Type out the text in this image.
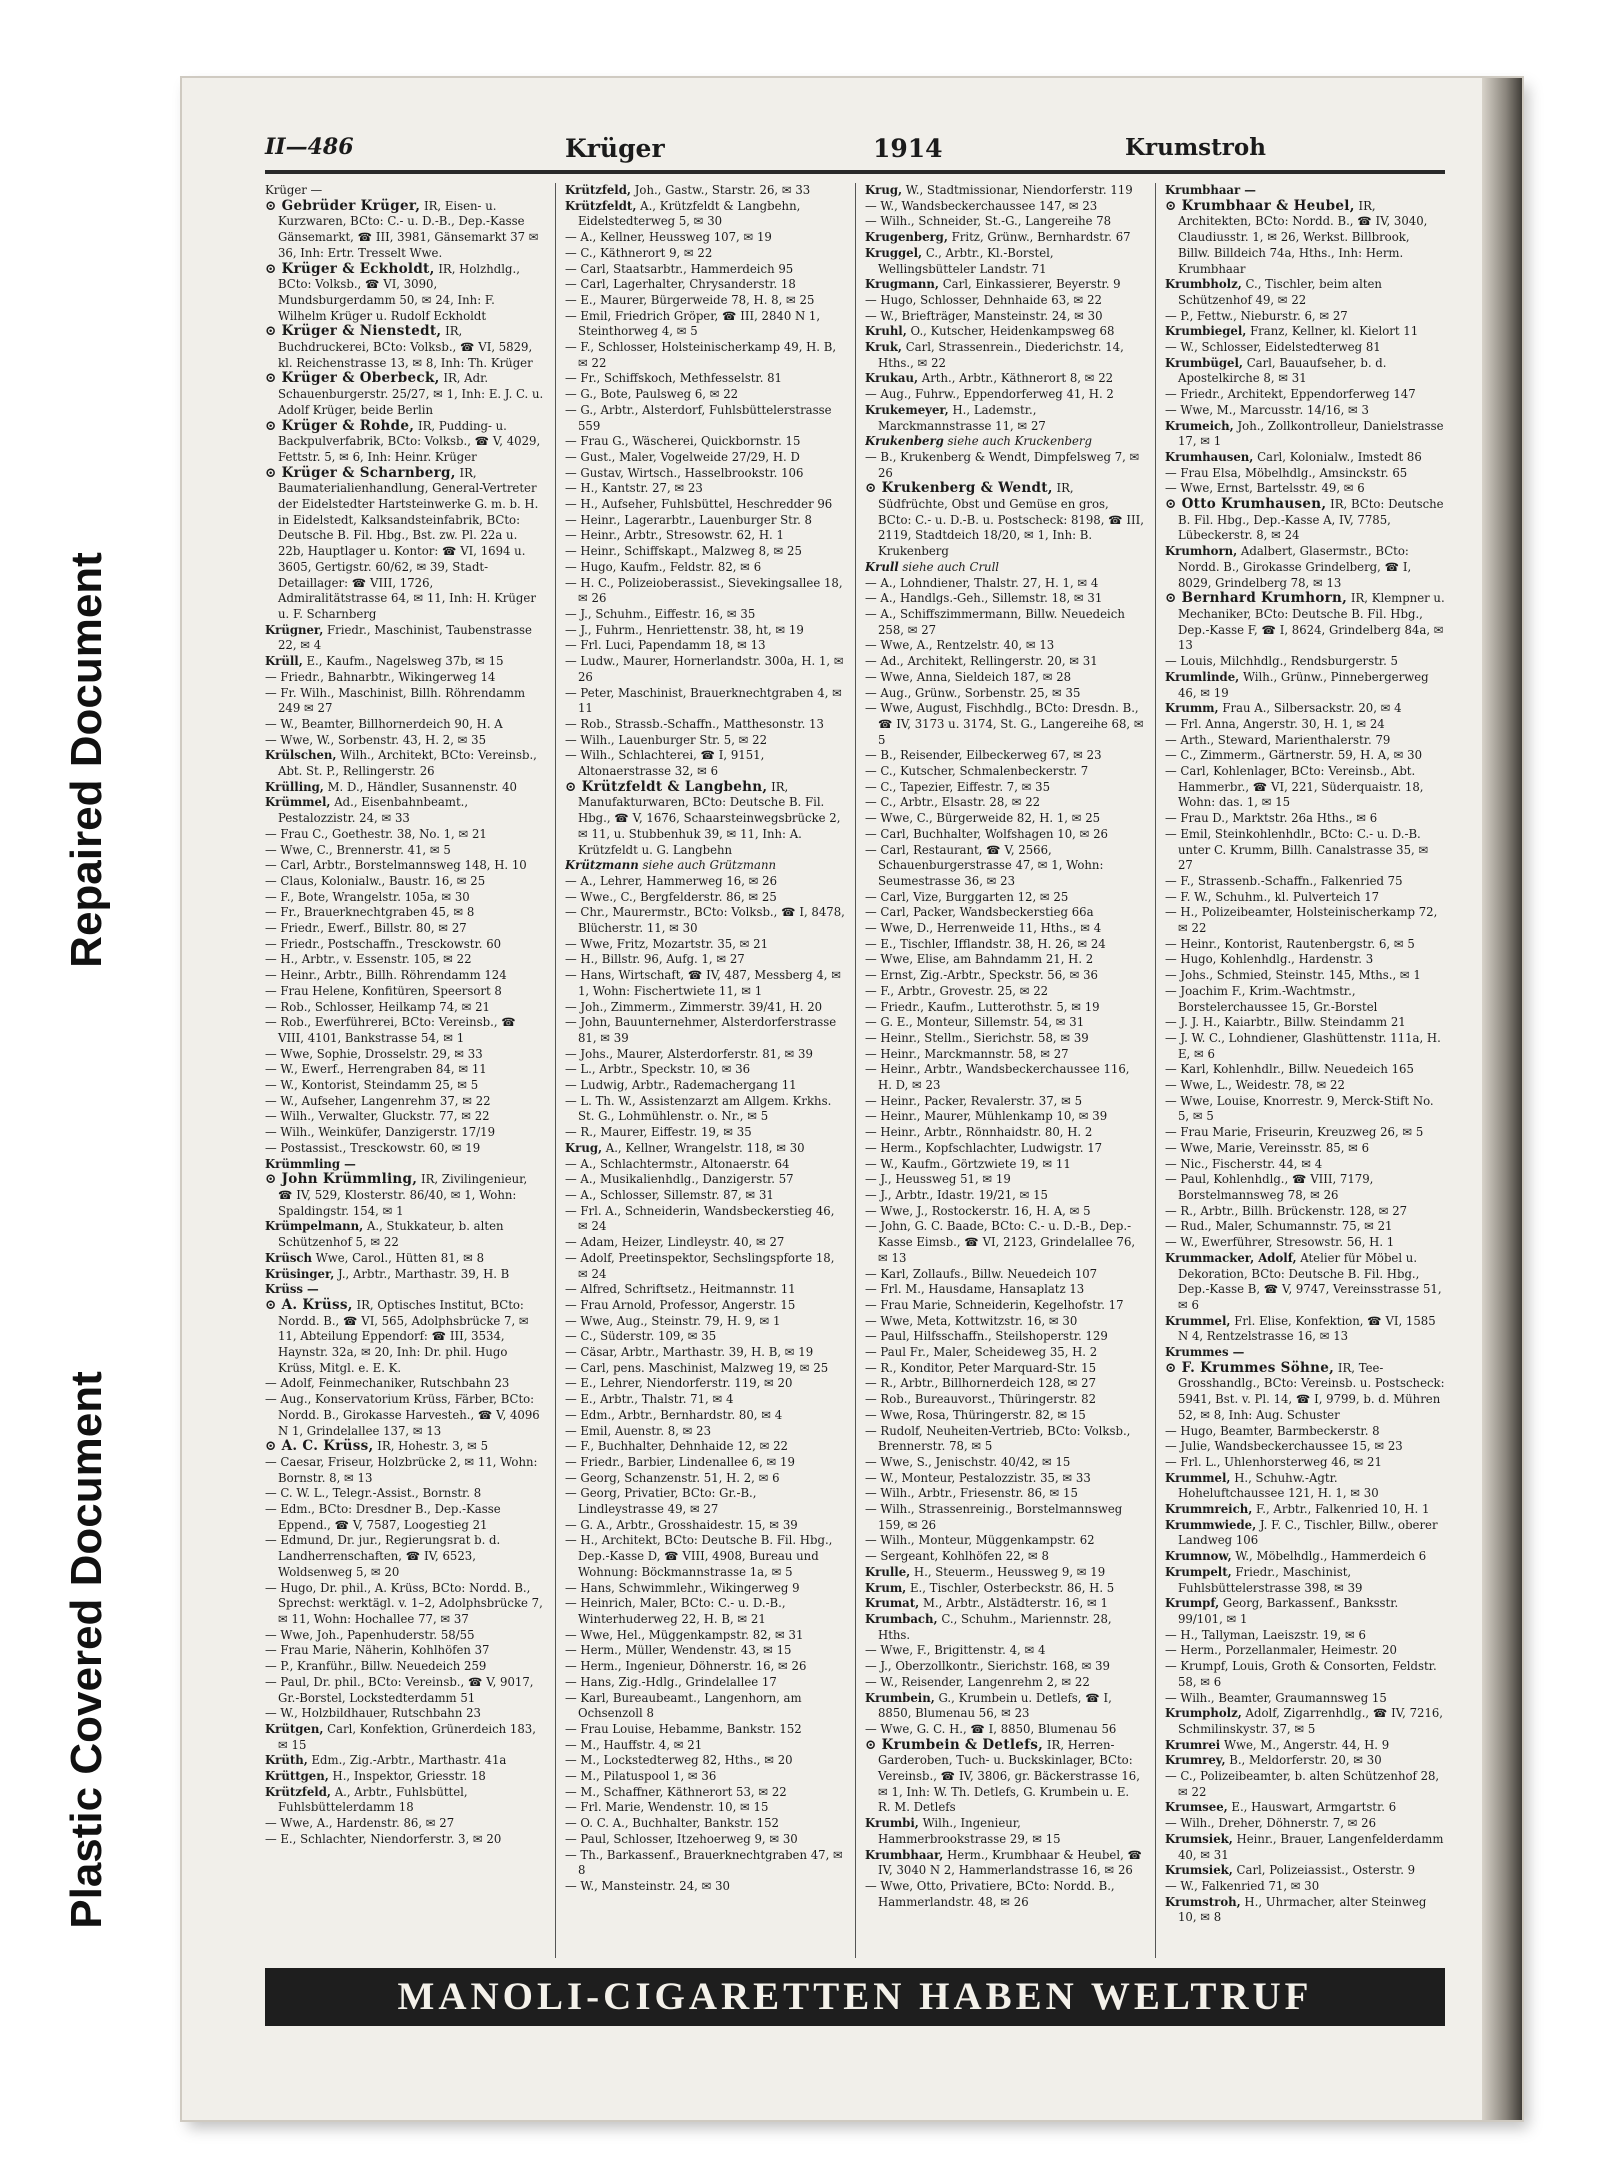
Repaired Document
Plastic Covered Document
II—486	Krüger	1914	Krumstroh

Krüger —

⊙ Gebrüder Krüger, IR, Eisen- u. Kurzwaren, BCto: C.- u. D.-B., Dep.-Kasse Gänsemarkt, ☎ III, 3981, Gänsemarkt 37 ✉ 36, Inh: Ertr. Tresselt Wwe.

⊙ Krüger & Eckholdt, IR, Holzhdlg., BCto: Volksb., ☎ VI, 3090, Mundsburgerdamm 50, ✉ 24, Inh: F. Wilhelm Krüger u. Rudolf Eckholdt

⊙ Krüger & Nienstedt, IR, Buchdruckerei, BCto: Volksb., ☎ VI, 5829, kl. Reichenstrasse 13, ✉ 8, Inh: Th. Krüger

⊙ Krüger & Oberbeck, IR, Adr. Schauenburgerstr. 25/27, ✉ 1, Inh: E. J. C. u. Adolf Krüger, beide Berlin

⊙ Krüger & Rohde, IR, Pudding- u. Backpulverfabrik, BCto: Volksb., ☎ V, 4029, Fettstr. 5, ✉ 6, Inh: Heinr. Krüger

⊙ Krüger & Scharnberg, IR, Baumaterialienhandlung, General-Vertreter der Eidelstedter Hartsteinwerke G. m. b. H. in Eidelstedt, Kalksandsteinfabrik, BCto: Deutsche B. Fil. Hbg., Bst. zw. Pl. 22a u. 22b, Hauptlager u. Kontor: ☎ VI, 1694 u. 3605, Gertigstr. 60/62, ✉ 39, Stadt-Detaillager: ☎ VIII, 1726, Admiralitätstrasse 64, ✉ 11, Inh: H. Krüger u. F. Scharnberg

Krügner, Friedr., Maschinist, Taubenstrasse 22, ✉ 4

Krüll, E., Kaufm., Nagelsweg 37b, ✉ 15

— Friedr., Bahnarbtr., Wikingerweg 14

— Fr. Wilh., Maschinist, Billh. Röhrendamm 249 ✉ 27

— W., Beamter, Billhornerdeich 90, H. A

— Wwe, W., Sorbenstr. 43, H. 2, ✉ 35

Krülschen, Wilh., Architekt, BCto: Vereinsb., Abt. St. P., Rellingerstr. 26

Krülling, M. D., Händler, Susannenstr. 40

Krümmel, Ad., Eisenbahnbeamt., Pestalozzistr. 24, ✉ 33

— Frau C., Goethestr. 38, No. 1, ✉ 21

— Wwe, C., Brennerstr. 41, ✉ 5

— Carl, Arbtr., Borstelmannsweg 148, H. 10

— Claus, Kolonialw., Baustr. 16, ✉ 25

— F., Bote, Wrangelstr. 105a, ✉ 30

— Fr., Brauerknechtgraben 45, ✉ 8

— Friedr., Ewerf., Billstr. 80, ✉ 27

— Friedr., Postschaffn., Tresckowstr. 60

— H., Arbtr., v. Essenstr. 105, ✉ 22

— Heinr., Arbtr., Billh. Röhrendamm 124

— Frau Helene, Konfitüren, Speersort 8

— Rob., Schlosser, Heilkamp 74, ✉ 21

— Rob., Ewerführerei, BCto: Vereinsb., ☎ VIII, 4101, Bankstrasse 54, ✉ 1

— Wwe, Sophie, Drosselstr. 29, ✉ 33

— W., Ewerf., Herrengraben 84, ✉ 11

— W., Kontorist, Steindamm 25, ✉ 5

— W., Aufseher, Langenrehm 37, ✉ 22

— Wilh., Verwalter, Gluckstr. 77, ✉ 22

— Wilh., Weinküfer, Danzigerstr. 17/19

— Postassist., Tresckowstr. 60, ✉ 19

Krümmling —

⊙ John Krümmling, IR, Zivilingenieur, ☎ IV, 529, Klosterstr. 86/40, ✉ 1, Wohn: Spaldingstr. 154, ✉ 1

Krümpelmann, A., Stukkateur, b. alten Schützenhof 5, ✉ 22

Krüsch Wwe, Carol., Hütten 81, ✉ 8

Krüsinger, J., Arbtr., Marthastr. 39, H. B

Krüss —

⊙ A. Krüss, IR, Optisches Institut, BCto: Nordd. B., ☎ VI, 565, Adolphsbrücke 7, ✉ 11, Abteilung Eppendorf: ☎ III, 3534, Haynstr. 32a, ✉ 20, Inh: Dr. phil. Hugo Krüss, Mitgl. e. E. K.

— Adolf, Feinmechaniker, Rutschbahn 23

— Aug., Konservatorium Krüss, Färber, BCto: Nordd. B., Girokasse Harvesteh., ☎ V, 4096 N 1, Grindelallee 137, ✉ 13

⊙ A. C. Krüss, IR, Hohestr. 3, ✉ 5

— Caesar, Friseur, Holzbrücke 2, ✉ 11, Wohn: Bornstr. 8, ✉ 13

— C. W. L., Telegr.-Assist., Bornstr. 8

— Edm., BCto: Dresdner B., Dep.-Kasse Eppend., ☎ V, 7587, Loogestieg 21

— Edmund, Dr. jur., Regierungsrat b. d. Landherrenschaften, ☎ IV, 6523, Woldsenweg 5, ✉ 20

— Hugo, Dr. phil., A. Krüss, BCto: Nordd. B., Sprechst: werktägl. v. 1–2, Adolphsbrücke 7, ✉ 11, Wohn: Hochallee 77, ✉ 37

— Wwe, Joh., Papenhuderstr. 58/55

— Frau Marie, Näherin, Kohlhöfen 37

— P., Kranführ., Billw. Neuedeich 259

— Paul, Dr. phil., BCto: Vereinsb., ☎ V, 9017, Gr.-Borstel, Lockstedterdamm 51

— W., Holzbildhauer, Rutschbahn 23

Krütgen, Carl, Konfektion, Grünerdeich 183, ✉ 15

Krüth, Edm., Zig.-Arbtr., Marthastr. 41a

Krüttgen, H., Inspektor, Griesstr. 18

Krützfeld, A., Arbtr., Fuhlsbüttel, Fuhlsbüttelerdamm 18

— Wwe, A., Hardenstr. 86, ✉ 27

— E., Schlachter, Niendorferstr. 3, ✉ 20

Krützfeld, Joh., Gastw., Starstr. 26, ✉ 33

Krützfeldt, A., Krützfeldt & Langbehn, Eidelstedterweg 5, ✉ 30

— A., Kellner, Heussweg 107, ✉ 19

— C., Käthnerort 9, ✉ 22

— Carl, Staatsarbtr., Hammerdeich 95

— Carl, Lagerhalter, Chrysanderstr. 18

— E., Maurer, Bürgerweide 78, H. 8, ✉ 25

— Emil, Friedrich Gröper, ☎ III, 2840 N 1, Steinthorweg 4, ✉ 5

— F., Schlosser, Holsteinischerkamp 49, H. B, ✉ 22

— Fr., Schiffskoch, Methfesselstr. 81

— G., Bote, Paulsweg 6, ✉ 22

— G., Arbtr., Alsterdorf, Fuhlsbüttelerstrasse 559

— Frau G., Wäscherei, Quickbornstr. 15

— Gust., Maler, Vogelweide 27/29, H. D

— Gustav, Wirtsch., Hasselbrookstr. 106

— H., Kantstr. 27, ✉ 23

— H., Aufseher, Fuhlsbüttel, Heschredder 96

— Heinr., Lagerarbtr., Lauenburger Str. 8

— Heinr., Arbtr., Stresowstr. 62, H. 1

— Heinr., Schiffskapt., Malzweg 8, ✉ 25

— Hugo, Kaufm., Feldstr. 82, ✉ 6

— H. C., Polizeioberassist., Sievekingsallee 18, ✉ 26

— J., Schuhm., Eiffestr. 16, ✉ 35

— J., Fuhrm., Henriettenstr. 38, ht, ✉ 19

— Frl. Luci, Papendamm 18, ✉ 13

— Ludw., Maurer, Hornerlandstr. 300a, H. 1, ✉ 26

— Peter, Maschinist, Brauerknechtgraben 4, ✉ 11

— Rob., Strassb.-Schaffn., Matthesonstr. 13

— Wilh., Lauenburger Str. 5, ✉ 22

— Wilh., Schlachterei, ☎ I, 9151, Altonaerstrasse 32, ✉ 6

⊙ Krützfeldt & Langbehn, IR, Manufakturwaren, BCto: Deutsche B. Fil. Hbg., ☎ V, 1676, Schaarsteinwegsbrücke 2, ✉ 11, u. Stubbenhuk 39, ✉ 11, Inh: A. Krützfeldt u. G. Langbehn

Krützmann siehe auch Grützmann

— A., Lehrer, Hammerweg 16, ✉ 26

— Wwe., C., Bergfelderstr. 86, ✉ 25

— Chr., Maurermstr., BCto: Volksb., ☎ I, 8478, Blücherstr. 11, ✉ 30

— Wwe, Fritz, Mozartstr. 35, ✉ 21

— H., Billstr. 96, Aufg. 1, ✉ 27

— Hans, Wirtschaft, ☎ IV, 487, Messberg 4, ✉ 1, Wohn: Fischertwiete 11, ✉ 1

— Joh., Zimmerm., Zimmerstr. 39/41, H. 20

— John, Bauunternehmer, Alsterdorferstrasse 81, ✉ 39

— Johs., Maurer, Alsterdorferstr. 81, ✉ 39

— L., Arbtr., Speckstr. 10, ✉ 36

— Ludwig, Arbtr., Rademachergang 11

— L. Th. W., Assistenzarzt am Allgem. Krkhs. St. G., Lohmühlenstr. o. Nr., ✉ 5

— R., Maurer, Eiffestr. 19, ✉ 35

Krug, A., Kellner, Wrangelstr. 118, ✉ 30

— A., Schlachtermstr., Altonaerstr. 64

— A., Musikalienhdlg., Danzigerstr. 57

— A., Schlosser, Sillemstr. 87, ✉ 31

— Frl. A., Schneiderin, Wandsbeckerstieg 46, ✉ 24

— Adam, Heizer, Lindleystr. 40, ✉ 27

— Adolf, Preetinspektor, Sechslingspforte 18, ✉ 24

— Alfred, Schriftsetz., Heitmannstr. 11

— Frau Arnold, Professor, Angerstr. 15

— Wwe, Aug., Steinstr. 79, H. 9, ✉ 1

— C., Süderstr. 109, ✉ 35

— Cäsar, Arbtr., Marthastr. 39, H. B, ✉ 19

— Carl, pens. Maschinist, Malzweg 19, ✉ 25

— E., Lehrer, Niendorferstr. 119, ✉ 20

— E., Arbtr., Thalstr. 71, ✉ 4

— Edm., Arbtr., Bernhardstr. 80, ✉ 4

— Emil, Auenstr. 8, ✉ 23

— F., Buchhalter, Dehnhaide 12, ✉ 22

— Friedr., Barbier, Lindenallee 6, ✉ 19

— Georg, Schanzenstr. 51, H. 2, ✉ 6

— Georg, Privatier, BCto: Gr.-B., Lindleystrasse 49, ✉ 27

— G. A., Arbtr., Grosshaidestr. 15, ✉ 39

— H., Architekt, BCto: Deutsche B. Fil. Hbg., Dep.-Kasse D, ☎ VIII, 4908, Bureau und Wohnung: Böckmannstrasse 1a, ✉ 5

— Hans, Schwimmlehr., Wikingerweg 9

— Heinrich, Maler, BCto: C.- u. D.-B., Winterhuderweg 22, H. B, ✉ 21

— Wwe, Hel., Müggenkampstr. 82, ✉ 31

— Herm., Müller, Wendenstr. 43, ✉ 15

— Herm., Ingenieur, Döhnerstr. 16, ✉ 26

— Hans, Zig.-Hdlg., Grindelallee 17

— Karl, Bureaubeamt., Langenhorn, am Ochsenzoll 8

— Frau Louise, Hebamme, Bankstr. 152

— M., Hauffstr. 4, ✉ 21

— M., Lockstedterweg 82, Hths., ✉ 20

— M., Pilatuspool 1, ✉ 36

— M., Schaffner, Käthnerort 53, ✉ 22

— Frl. Marie, Wendenstr. 10, ✉ 15

— O. C. A., Buchhalter, Bankstr. 152

— Paul, Schlosser, Itzehoerweg 9, ✉ 30

— Th., Barkassenf., Brauerknechtgraben 47, ✉ 8

— W., Mansteinstr. 24, ✉ 30

Krug, W., Stadtmissionar, Niendorferstr. 119

— W., Wandsbeckerchaussee 147, ✉ 23

— Wilh., Schneider, St.-G., Langereihe 78

Krugenberg, Fritz, Grünw., Bernhardstr. 67

Kruggel, C., Arbtr., Kl.-Borstel, Wellingsbütteler Landstr. 71

Krugmann, Carl, Einkassierer, Beyerstr. 9

— Hugo, Schlosser, Dehnhaide 63, ✉ 22

— W., Briefträger, Mansteinstr. 24, ✉ 30

Kruhl, O., Kutscher, Heidenkampsweg 68

Kruk, Carl, Strassenrein., Diederichstr. 14, Hths., ✉ 22

Krukau, Arth., Arbtr., Käthnerort 8, ✉ 22

— Aug., Fuhrw., Eppendorferweg 41, H. 2

Krukemeyer, H., Lademstr., Marckmannstrasse 11, ✉ 27

Krukenberg siehe auch Kruckenberg

— B., Krukenberg & Wendt, Dimpfelsweg 7, ✉ 26

⊙ Krukenberg & Wendt, IR, Südfrüchte, Obst und Gemüse en gros, BCto: C.- u. D.-B. u. Postscheck: 8198, ☎ III, 2119, Stadtdeich 18/20, ✉ 1, Inh: B. Krukenberg

Krull siehe auch Crull

— A., Lohndiener, Thalstr. 27, H. 1, ✉ 4

— A., Handlgs.-Geh., Sillemstr. 18, ✉ 31

— A., Schiffszimmermann, Billw. Neuedeich 258, ✉ 27

— Wwe, A., Rentzelstr. 40, ✉ 13

— Ad., Architekt, Rellingerstr. 20, ✉ 31

— Wwe, Anna, Sieldeich 187, ✉ 28

— Aug., Grünw., Sorbenstr. 25, ✉ 35

— Wwe, August, Fischhdlg., BCto: Dresdn. B., ☎ IV, 3173 u. 3174, St. G., Langereihe 68, ✉ 5

— B., Reisender, Eilbeckerweg 67, ✉ 23

— C., Kutscher, Schmalenbeckerstr. 7

— C., Tapezier, Eiffestr. 7, ✉ 35

— C., Arbtr., Elsastr. 28, ✉ 22

— Wwe, C., Bürgerweide 82, H. 1, ✉ 25

— Carl, Buchhalter, Wolfshagen 10, ✉ 26

— Carl, Restaurant, ☎ V, 2566, Schauenburgerstrasse 47, ✉ 1, Wohn: Seumestrasse 36, ✉ 23

— Carl, Vize, Burggarten 12, ✉ 25

— Carl, Packer, Wandsbeckerstieg 66a

— Wwe, D., Herrenweide 11, Hths., ✉ 4

— E., Tischler, Ifflandstr. 38, H. 26, ✉ 24

— Wwe, Elise, am Bahndamm 21, H. 2

— Ernst, Zig.-Arbtr., Speckstr. 56, ✉ 36

— F., Arbtr., Grovestr. 25, ✉ 22

— Friedr., Kaufm., Lutterothstr. 5, ✉ 19

— G. E., Monteur, Sillemstr. 54, ✉ 31

— Heinr., Stellm., Sierichstr. 58, ✉ 39

— Heinr., Marckmannstr. 58, ✉ 27

— Heinr., Arbtr., Wandsbeckerchaussee 116, H. D, ✉ 23

— Heinr., Packer, Revalerstr. 37, ✉ 5

— Heinr., Maurer, Mühlenkamp 10, ✉ 39

— Heinr., Arbtr., Rönnhaidstr. 80, H. 2

— Herm., Kopfschlachter, Ludwigstr. 17

— W., Kaufm., Görtzwiete 19, ✉ 11

— J., Heussweg 51, ✉ 19

— J., Arbtr., Idastr. 19/21, ✉ 15

— Wwe, J., Rostockerstr. 16, H. A, ✉ 5

— John, G. C. Baade, BCto: C.- u. D.-B., Dep.-Kasse Eimsb., ☎ VI, 2123, Grindelallee 76, ✉ 13

— Karl, Zollaufs., Billw. Neuedeich 107

— Frl. M., Hausdame, Hansaplatz 13

— Frau Marie, Schneiderin, Kegelhofstr. 17

— Wwe, Meta, Kottwitzstr. 16, ✉ 30

— Paul, Hilfsschaffn., Steilshoperstr. 129

— Paul Fr., Maler, Scheideweg 35, H. 2

— R., Konditor, Peter Marquard-Str. 15

— R., Arbtr., Billhornerdeich 128, ✉ 27

— Rob., Bureauvorst., Thüringerstr. 82

— Wwe, Rosa, Thüringerstr. 82, ✉ 15

— Rudolf, Neuheiten-Vertrieb, BCto: Volksb., Brennerstr. 78, ✉ 5

— Wwe, S., Jenischstr. 40/42, ✉ 15

— W., Monteur, Pestalozzistr. 35, ✉ 33

— Wilh., Arbtr., Friesenstr. 86, ✉ 15

— Wilh., Strassenreinig., Borstelmannsweg 159, ✉ 26

— Wilh., Monteur, Müggenkampstr. 62

— Sergeant, Kohlhöfen 22, ✉ 8

Krulle, H., Steuerm., Heussweg 9, ✉ 19

Krum, E., Tischler, Osterbeckstr. 86, H. 5

Krumat, M., Arbtr., Alstädterstr. 16, ✉ 1

Krumbach, C., Schuhm., Mariennstr. 28, Hths.

— Wwe, F., Brigittenstr. 4, ✉ 4

— J., Oberzollkontr., Sierichstr. 168, ✉ 39

— W., Reisender, Langenrehm 2, ✉ 22

Krumbein, G., Krumbein u. Detlefs, ☎ I, 8850, Blumenau 56, ✉ 23

— Wwe, G. C. H., ☎ I, 8850, Blumenau 56

⊙ Krumbein & Detlefs, IR, Herren-Garderoben, Tuch- u. Buckskinlager, BCto: Vereinsb., ☎ IV, 3806, gr. Bäckerstrasse 16, ✉ 1, Inh: W. Th. Detlefs, G. Krumbein u. E. R. M. Detlefs

Krumbi, Wilh., Ingenieur, Hammerbrookstrasse 29, ✉ 15

Krumbhaar, Herm., Krumbhaar & Heubel, ☎ IV, 3040 N 2, Hammerlandstrasse 16, ✉ 26

— Wwe, Otto, Privatiere, BCto: Nordd. B., Hammerlandstr. 48, ✉ 26

Krumbhaar —

⊙ Krumbhaar & Heubel, IR, Architekten, BCto: Nordd. B., ☎ IV, 3040, Claudiusstr. 1, ✉ 26, Werkst. Billbrook, Billw. Billdeich 74a, Hths., Inh: Herm. Krumbhaar

Krumbholz, C., Tischler, beim alten Schützenhof 49, ✉ 22

— P., Fettw., Nieburstr. 6, ✉ 27

Krumbiegel, Franz, Kellner, kl. Kielort 11

— W., Schlosser, Eidelstedterweg 81

Krumbügel, Carl, Bauaufseher, b. d. Apostelkirche 8, ✉ 31

— Friedr., Architekt, Eppendorferweg 147

— Wwe, M., Marcusstr. 14/16, ✉ 3

Krumeich, Joh., Zollkontrolleur, Danielstrasse 17, ✉ 1

Krumhausen, Carl, Kolonialw., Imstedt 86

— Frau Elsa, Möbelhdlg., Amsinckstr. 65

— Wwe, Ernst, Bartelsstr. 49, ✉ 6

⊙ Otto Krumhausen, IR, BCto: Deutsche B. Fil. Hbg., Dep.-Kasse A, IV, 7785, Lübeckerstr. 8, ✉ 24

Krumhorn, Adalbert, Glasermstr., BCto: Nordd. B., Girokasse Grindelberg, ☎ I, 8029, Grindelberg 78, ✉ 13

⊙ Bernhard Krumhorn, IR, Klempner u. Mechaniker, BCto: Deutsche B. Fil. Hbg., Dep.-Kasse F, ☎ I, 8624, Grindelberg 84a, ✉ 13

— Louis, Milchhdlg., Rendsburgerstr. 5

Krumlinde, Wilh., Grünw., Pinnebergerweg 46, ✉ 19

Krumm, Frau A., Silbersackstr. 20, ✉ 4

— Frl. Anna, Angerstr. 30, H. 1, ✉ 24

— Arth., Steward, Marienthalerstr. 79

— C., Zimmerm., Gärtnerstr. 59, H. A, ✉ 30

— Carl, Kohlenlager, BCto: Vereinsb., Abt. Hammerbr., ☎ VI, 221, Süderquaistr. 18, Wohn: das. 1, ✉ 15

— Frau D., Marktstr. 26a Hths., ✉ 6

— Emil, Steinkohlenhdlr., BCto: C.- u. D.-B. unter C. Krumm, Billh. Canalstrasse 35, ✉ 27

— F., Strassenb.-Schaffn., Falkenried 75

— F. W., Schuhm., kl. Pulverteich 17

— H., Polizeibeamter, Holsteinischerkamp 72, ✉ 22

— Heinr., Kontorist, Rautenbergstr. 6, ✉ 5

— Hugo, Kohlenhdlg., Hardenstr. 3

— Johs., Schmied, Steinstr. 145, Mths., ✉ 1

— Joachim F., Krim.-Wachtmstr., Borstelerchaussee 15, Gr.-Borstel

— J. J. H., Kaiarbtr., Billw. Steindamm 21

— J. W. C., Lohndiener, Glashüttenstr. 111a, H. E, ✉ 6

— Karl, Kohlenhdlr., Billw. Neuedeich 165

— Wwe, L., Weidestr. 78, ✉ 22

— Wwe, Louise, Knorrestr. 9, Merck-Stift No. 5, ✉ 5

— Frau Marie, Friseurin, Kreuzweg 26, ✉ 5

— Wwe, Marie, Vereinsstr. 85, ✉ 6

— Nic., Fischerstr. 44, ✉ 4

— Paul, Kohlenhdlg., ☎ VIII, 7179, Borstelmannsweg 78, ✉ 26

— R., Arbtr., Billh. Brückenstr. 128, ✉ 27

— Rud., Maler, Schumannstr. 75, ✉ 21

— W., Ewerführer, Stresowstr. 56, H. 1

Krummacker, Adolf, Atelier für Möbel u. Dekoration, BCto: Deutsche B. Fil. Hbg., Dep.-Kasse B, ☎ V, 9747, Vereinsstrasse 51, ✉ 6

Krummel, Frl. Elise, Konfektion, ☎ VI, 1585 N 4, Rentzelstrasse 16, ✉ 13

Krummes —

⊙ F. Krummes Söhne, IR, Tee-Grosshandlg., BCto: Vereinsb. u. Postscheck: 5941, Bst. v. Pl. 14, ☎ I, 9799, b. d. Mühren 52, ✉ 8, Inh: Aug. Schuster

— Hugo, Beamter, Barmbeckerstr. 8

— Julie, Wandsbeckerchaussee 15, ✉ 23

— Frl. L., Uhlenhorsterweg 46, ✉ 21

Krummel, H., Schuhw.-Agtr. Hoheluftchaussee 121, H. 1, ✉ 30

Krummreich, F., Arbtr., Falkenried 10, H. 1

Krummwiede, J. F. C., Tischler, Billw., oberer Landweg 106

Krumnow, W., Möbelhdlg., Hammerdeich 6

Krumpelt, Friedr., Maschinist, Fuhlsbüttelerstrasse 398, ✉ 39

Krumpf, Georg, Barkassenf., Banksstr. 99/101, ✉ 1

— H., Tallyman, Laeiszstr. 19, ✉ 6

— Herm., Porzellanmaler, Heimestr. 20

— Krumpf, Louis, Groth & Consorten, Feldstr. 58, ✉ 6

— Wilh., Beamter, Graumannsweg 15

Krumpholz, Adolf, Zigarrenhdlg., ☎ IV, 7216, Schmilinskystr. 37, ✉ 5

Krumrei Wwe, M., Angerstr. 44, H. 9

Krumrey, B., Meldorferstr. 20, ✉ 30

— C., Polizeibeamter, b. alten Schützenhof 28, ✉ 22

Krumsee, E., Hauswart, Armgartstr. 6

— Wilh., Dreher, Döhnerstr. 7, ✉ 26

Krumsiek, Heinr., Brauer, Langenfelderdamm 40, ✉ 31

Krumsiek, Carl, Polizeiassist., Osterstr. 9

— W., Falkenried 71, ✉ 30

Krumstroh, H., Uhrmacher, alter Steinweg 10, ✉ 8

MANOLI-CIGARETTEN HABEN WELTRUF
